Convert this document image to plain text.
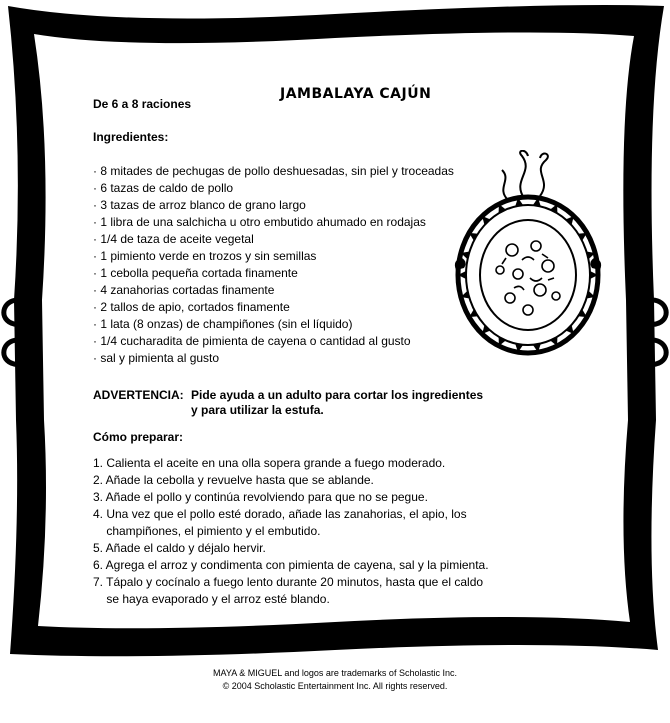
JAMBALAYA CAJÚN
De 6 a 8 raciones
Ingredientes:
· 8 mitades de pechugas de pollo deshuesadas, sin piel y troceadas
· 6 tazas de caldo de pollo
· 3 tazas de arroz blanco de grano largo
· 1 libra de una salchicha u otro embutido ahumado en rodajas
· 1/4 de taza de aceite vegetal
· 1 pimiento verde en trozos y sin semillas
· 1 cebolla pequeña cortada finamente
· 4 zanahorias cortadas finamente
· 2 tallos de apio, cortados finamente
· 1 lata (8 onzas) de champiñones (sin el líquido)
· 1/4 cucharadita de pimienta de cayena o cantidad al gusto
· sal y pimienta al gusto
ADVERTENCIA: Pide ayuda a un adulto para cortar los ingredientes
y para utilizar la estufa.
Cómo preparar:
1. Calienta el aceite en una olla sopera grande a fuego moderado.
2. Añade la cebolla y revuelve hasta que se ablande.
3. Añade el pollo y continúa revolviendo para que no se pegue.
4. Una vez que el pollo esté dorado, añade las zanahorias, el apio, los
champiñones, el pimiento y el embutido.
5. Añade el caldo y déjalo hervir.
6. Agrega el arroz y condimenta con pimienta de cayena, sal y la pimienta.
7. Tápalo y cocínalo a fuego lento durante 20 minutos, hasta que el caldo
se haya evaporado y el arroz esté blando.
MAYA & MIGUEL and logos are trademarks of Scholastic Inc.
© 2004 Scholastic Entertainment Inc. All rights reserved.
